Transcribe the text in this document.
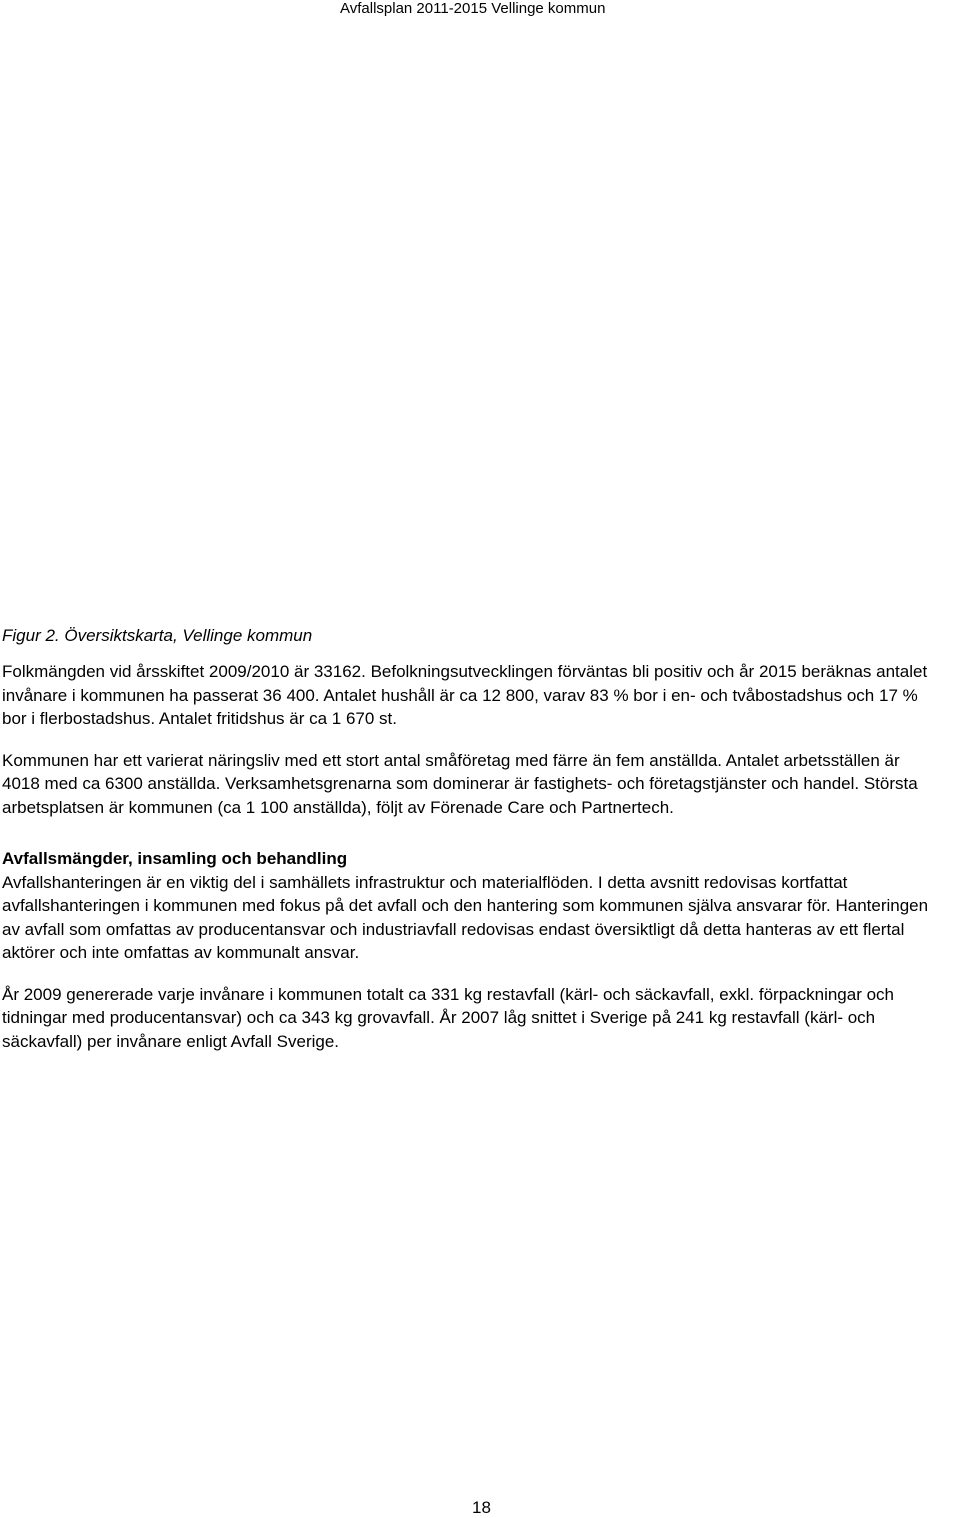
Avfallsplan 2011-2015 Vellinge kommun

Figur 2. Översiktskarta, Vellinge kommun

Folkmängden vid årsskiftet 2009/2010 är 33162. Befolkningsutvecklingen förväntas bli positiv och år 2015 beräknas antalet invånare i kommunen ha passerat 36 400. Antalet hushåll är ca 12 800, varav 83 % bor i en- och tvåbostadshus och 17 % bor i flerbostadshus. Antalet fritidshus är ca 1 670 st.

Kommunen har ett varierat näringsliv med ett stort antal småföretag med färre än fem anställda. Antalet arbetsställen är 4018 med ca 6300 anställda. Verksamhetsgrenarna som dominerar är fastighets- och företagstjänster och handel. Största arbetsplatsen är kommunen (ca 1 100 anställda), följt av Förenade Care och Partnertech.

Avfallsmängder, insamling och behandling

Avfallshanteringen är en viktig del i samhällets infrastruktur och materialflöden. I detta avsnitt redovisas kortfattat avfallshanteringen i kommunen med fokus på det avfall och den hantering som kommunen själva ansvarar för. Hanteringen av avfall som omfattas av producentansvar och industriavfall redovisas endast översiktligt då detta hanteras av ett flertal aktörer och inte omfattas av kommunalt ansvar.

År 2009 genererade varje invånare i kommunen totalt ca 331 kg restavfall (kärl- och säckavfall, exkl. förpackningar och tidningar med producentansvar) och ca 343 kg grovavfall. År 2007 låg snittet i Sverige på 241 kg restavfall (kärl- och säckavfall) per invånare enligt Avfall Sverige.

18
